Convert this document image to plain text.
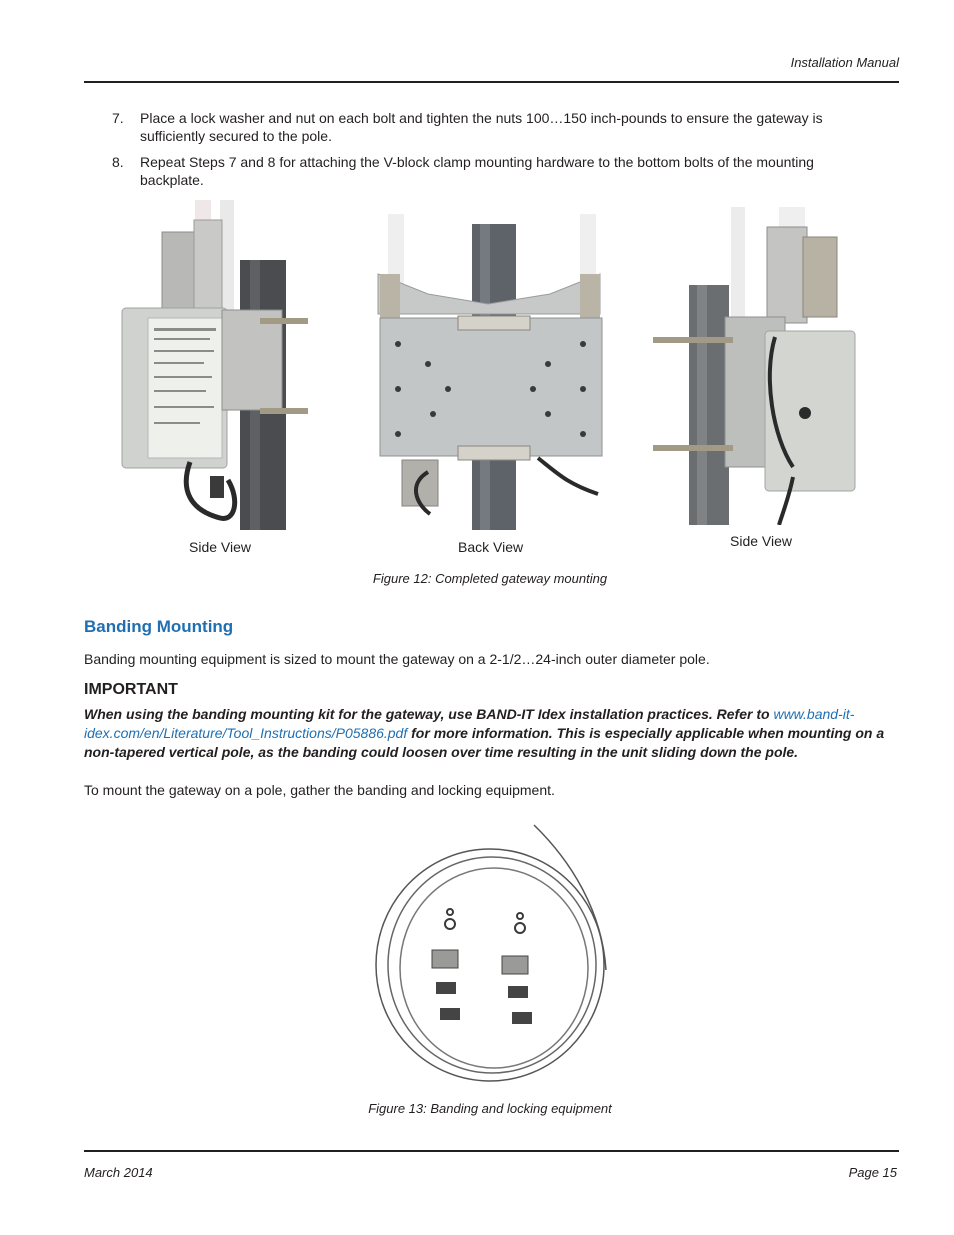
Installation Manual
7. Place a lock washer and nut on each bolt and tighten the nuts 100…150 inch-pounds to ensure the gateway is sufficiently secured to the pole.
8. Repeat Steps 7 and 8 for attaching the V-block clamp mounting hardware to the bottom bolts of the mounting backplate.
Side View	Back View	Side View
Figure 12: Completed gateway mounting
Banding Mounting
Banding mounting equipment is sized to mount the gateway on a 2-1/2…24-inch outer diameter pole.
IMPORTANT
When using the banding mounting kit for the gateway, use BAND-IT Idex installation practices. Refer to www.band-it-idex.com/en/Literature/Tool_Instructions/P05886.pdf for more information. This is especially applicable when mounting on a non-tapered vertical pole, as the banding could loosen over time resulting in the unit sliding down the pole.
To mount the gateway on a pole, gather the banding and locking equipment.
Figure 13: Banding and locking equipment
March 2014	Page 15
